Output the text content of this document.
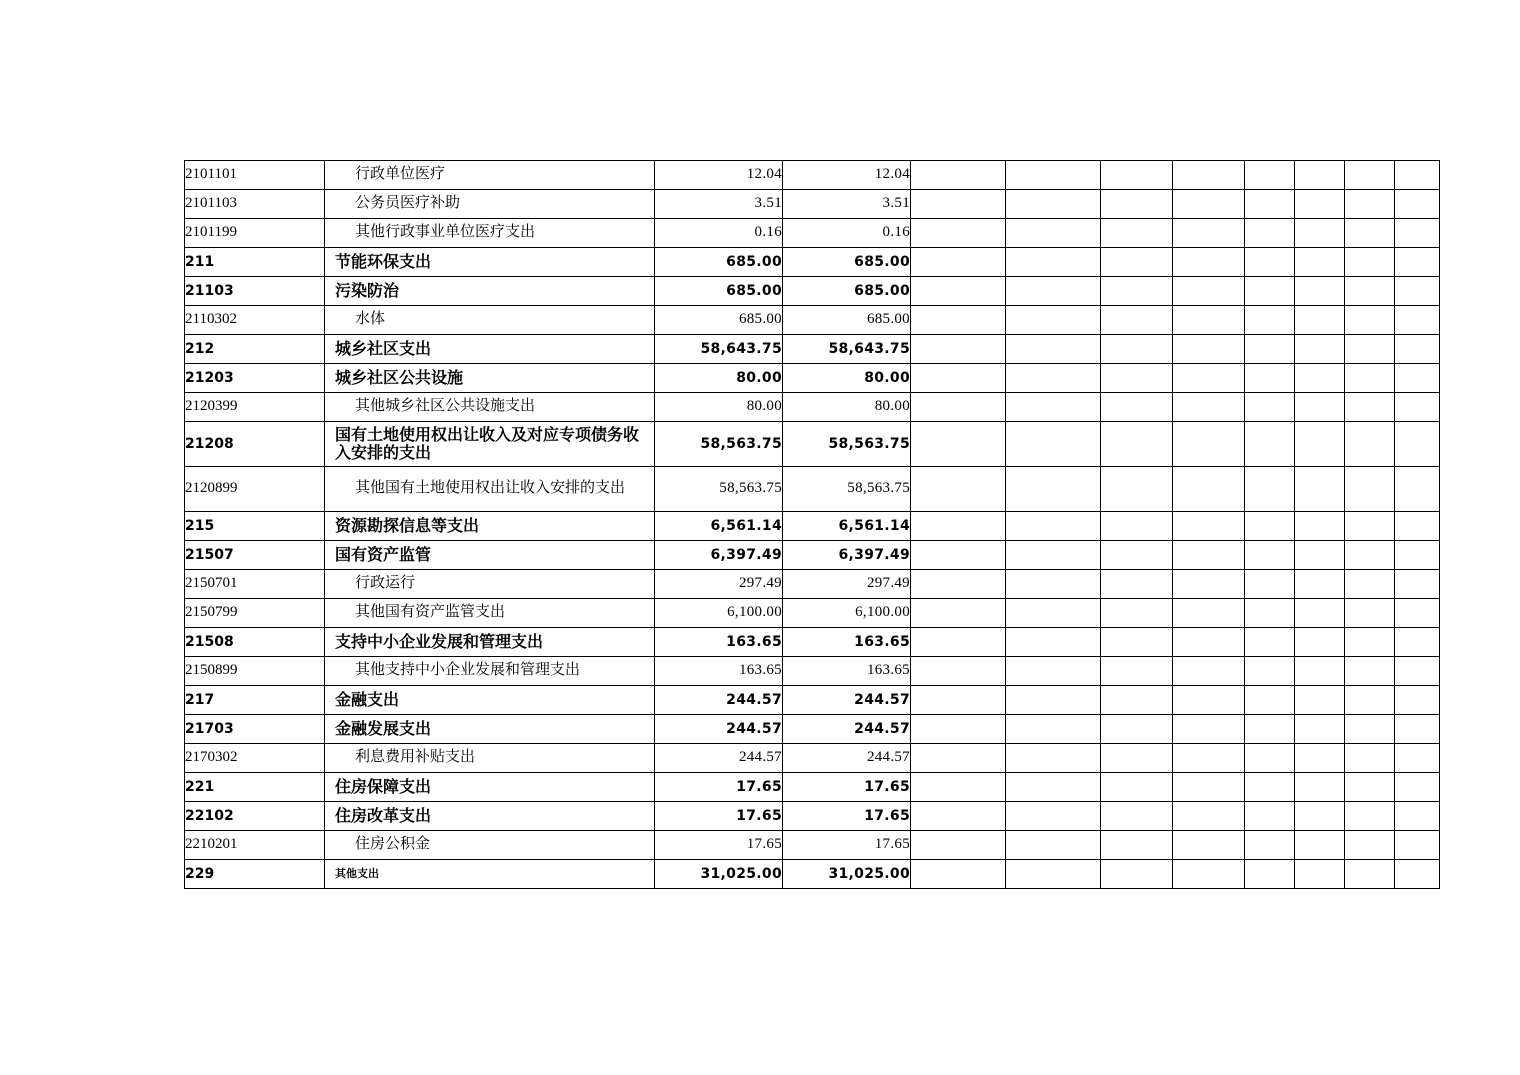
2101101	行政单位医疗	12.04	12.04								
2101103	公务员医疗补助	3.51	3.51								
2101199	其他行政事业单位医疗支出	0.16	0.16								
211	节能环保支出	685.00	685.00								
21103	污染防治	685.00	685.00								
2110302	水体	685.00	685.00								
212	城乡社区支出	58,643.75	58,643.75								
21203	城乡社区公共设施	80.00	80.00								
2120399	其他城乡社区公共设施支出	80.00	80.00								
21208	国有土地使用权出让收入及对应专项债务收入安排的支出	58,563.75	58,563.75								
2120899	其他国有土地使用权出让收入安排的支出	58,563.75	58,563.75								
215	资源勘探信息等支出	6,561.14	6,561.14								
21507	国有资产监管	6,397.49	6,397.49								
2150701	行政运行	297.49	297.49								
2150799	其他国有资产监管支出	6,100.00	6,100.00								
21508	支持中小企业发展和管理支出	163.65	163.65								
2150899	其他支持中小企业发展和管理支出	163.65	163.65								
217	金融支出	244.57	244.57								
21703	金融发展支出	244.57	244.57								
2170302	利息费用补贴支出	244.57	244.57								
221	住房保障支出	17.65	17.65								
22102	住房改革支出	17.65	17.65								
2210201	住房公积金	17.65	17.65								
229	其他支出	31,025.00	31,025.00								
